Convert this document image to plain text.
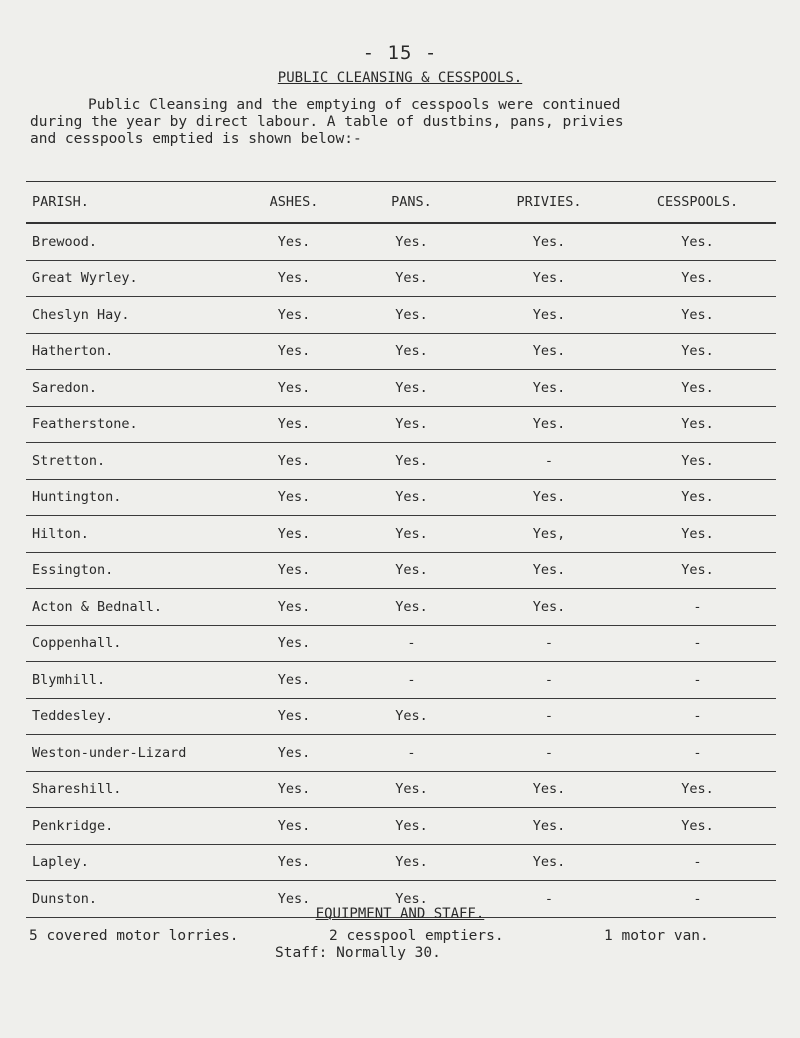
- 15 -
PUBLIC CLEANSING & CESSPOOLS.

Public Cleansing and the emptying of cesspools were continued

during the year by direct labour. A table of dustbins, pans, privies

and cesspools emptied is shown below:-

PARISH.	ASHES.	PANS.	PRIVIES.	CESSPOOLS.
Brewood.	Yes.	Yes.	Yes.	Yes.
Great Wyrley.	Yes.	Yes.	Yes.	Yes.
Cheslyn Hay.	Yes.	Yes.	Yes.	Yes.
Hatherton.	Yes.	Yes.	Yes.	Yes.
Saredon.	Yes.	Yes.	Yes.	Yes.
Featherstone.	Yes.	Yes.	Yes.	Yes.
Stretton.	Yes.	Yes.	-	Yes.
Huntington.	Yes.	Yes.	Yes.	Yes.
Hilton.	Yes.	Yes.	Yes,	Yes.
Essington.	Yes.	Yes.	Yes.	Yes.
Acton & Bednall.	Yes.	Yes.	Yes.	-
Coppenhall.	Yes.	-	-	-
Blymhill.	Yes.	-	-	-
Teddesley.	Yes.	Yes.	-	-
Weston-under-Lizard	Yes.	-	-	-
Shareshill.	Yes.	Yes.	Yes.	Yes.
Penkridge.	Yes.	Yes.	Yes.	Yes.
Lapley.	Yes.	Yes.	Yes.	-
Dunston.	Yes.	Yes.	-	-
EQUIPMENT AND STAFF.
5 covered motor lorries.	2 cesspool emptiers.	1 motor van.
Staff: Normally 30.
